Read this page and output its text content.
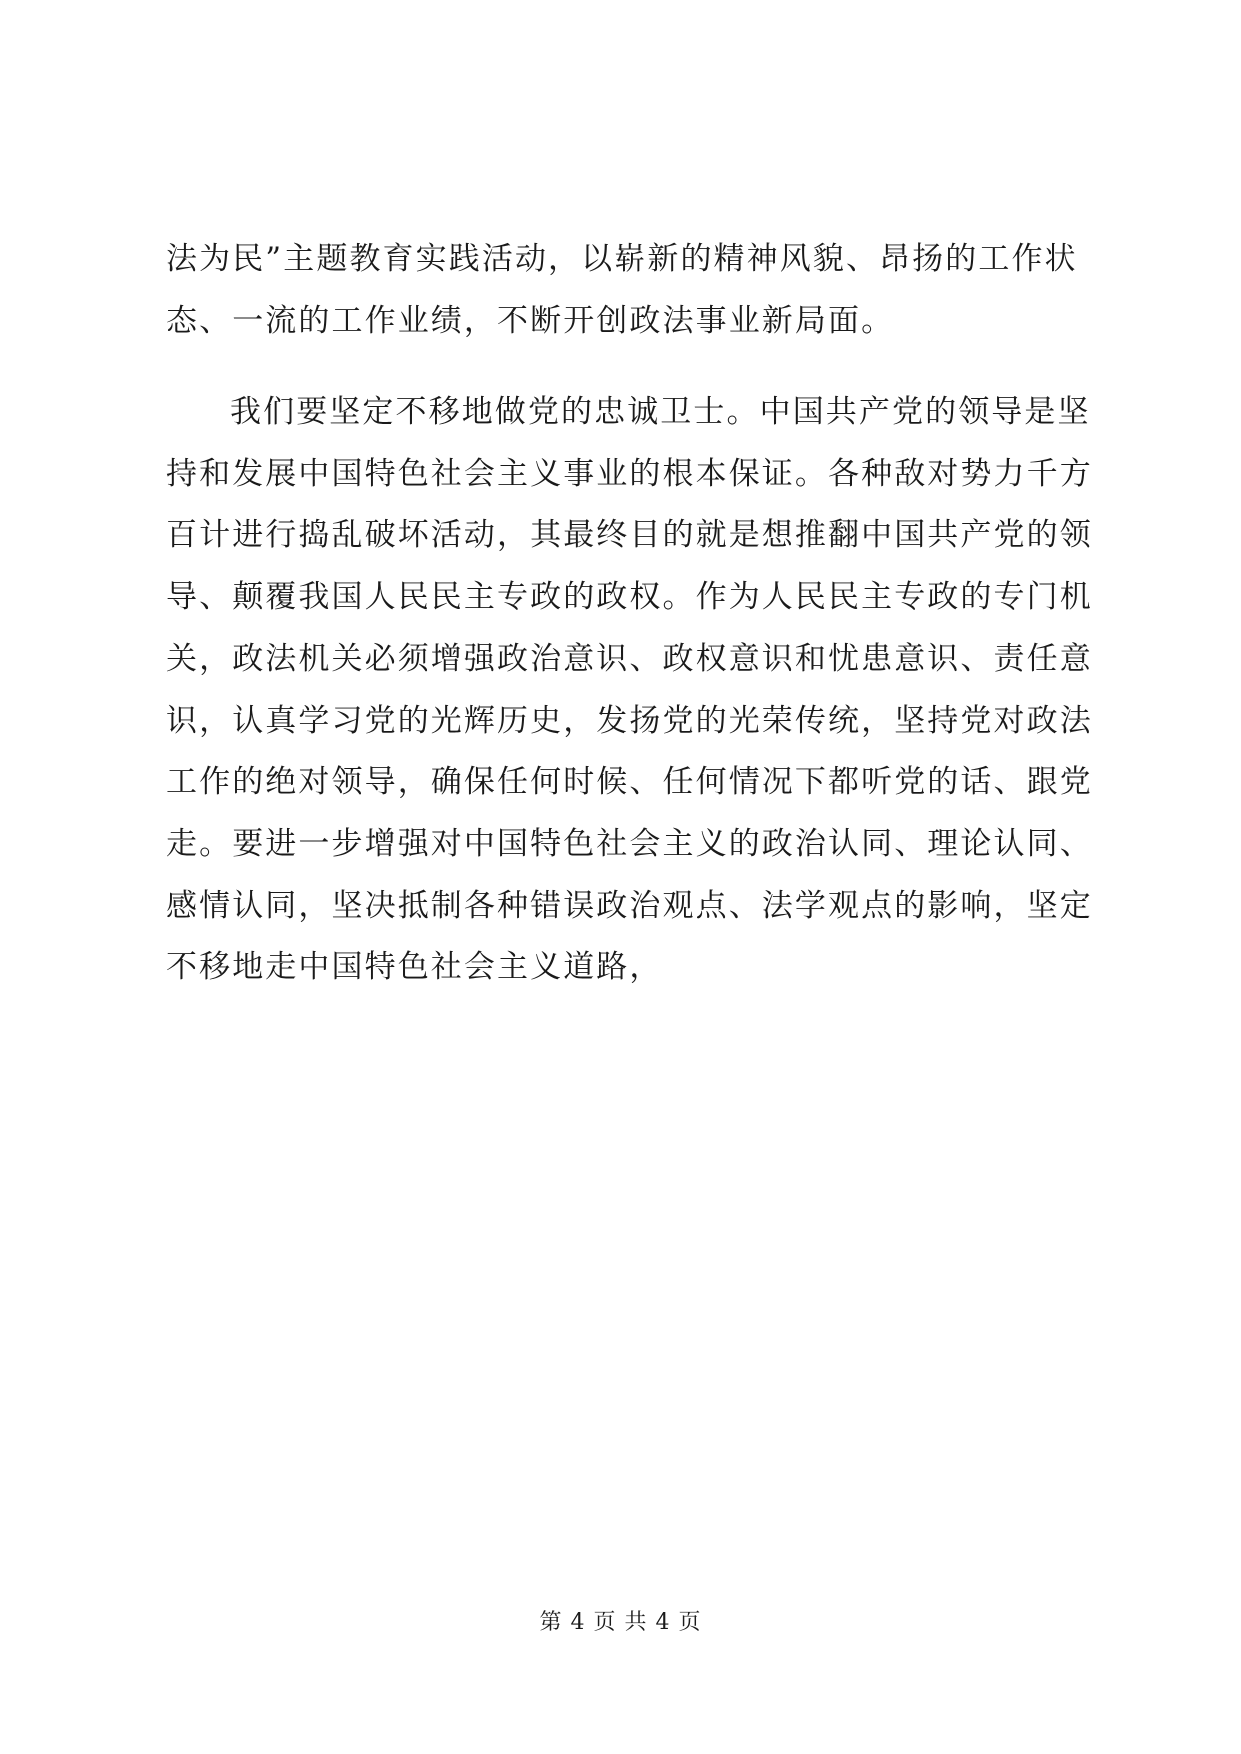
法为民”主题教育实践活动，以崭新的精神风貌、昂扬的工作状
态、一流的工作业绩，不断开创政法事业新局面。
我们要坚定不移地做党的忠诚卫士。中国共产党的领导是坚
持和发展中国特色社会主义事业的根本保证。各种敌对势力千方
百计进行捣乱破坏活动，其最终目的就是想推翻中国共产党的领
导、颠覆我国人民民主专政的政权。作为人民民主专政的专门机
关，政法机关必须增强政治意识、政权意识和忧患意识、责任意
识，认真学习党的光辉历史，发扬党的光荣传统，坚持党对政法
工作的绝对领导，确保任何时候、任何情况下都听党的话、跟党
走。要进一步增强对中国特色社会主义的政治认同、理论认同、
感情认同，坚决抵制各种错误政治观点、法学观点的影响，坚定
不移地走中国特色社会主义道路，
第 4 页 共 4 页
